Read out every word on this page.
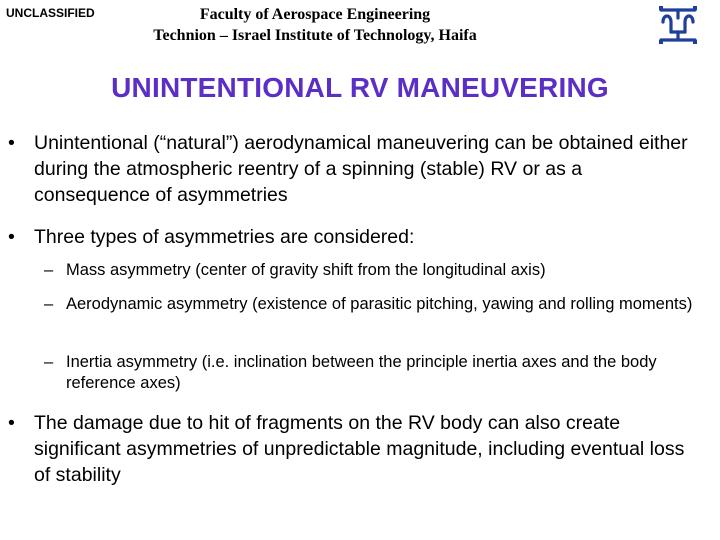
UNCLASSIFIED	Faculty of Aerospace Engineering
Technion – Israel Institute of Technology, Haifa
UNINTENTIONAL RV MANEUVERING
• Unintentional (“natural”) aerodynamical maneuvering can be obtained either during the atmospheric reentry of a spinning (stable) RV or as a consequence of asymmetries
• Three types of asymmetries are considered:
– Mass asymmetry (center of gravity shift from the longitudinal axis)
– Aerodynamic asymmetry (existence of parasitic pitching, yawing and rolling moments)
– Inertia asymmetry (i.e. inclination between the principle inertia axes and the body reference axes)
• The damage due to hit of fragments on the RV body can also create significant asymmetries of unpredictable magnitude, including eventual loss of stability
